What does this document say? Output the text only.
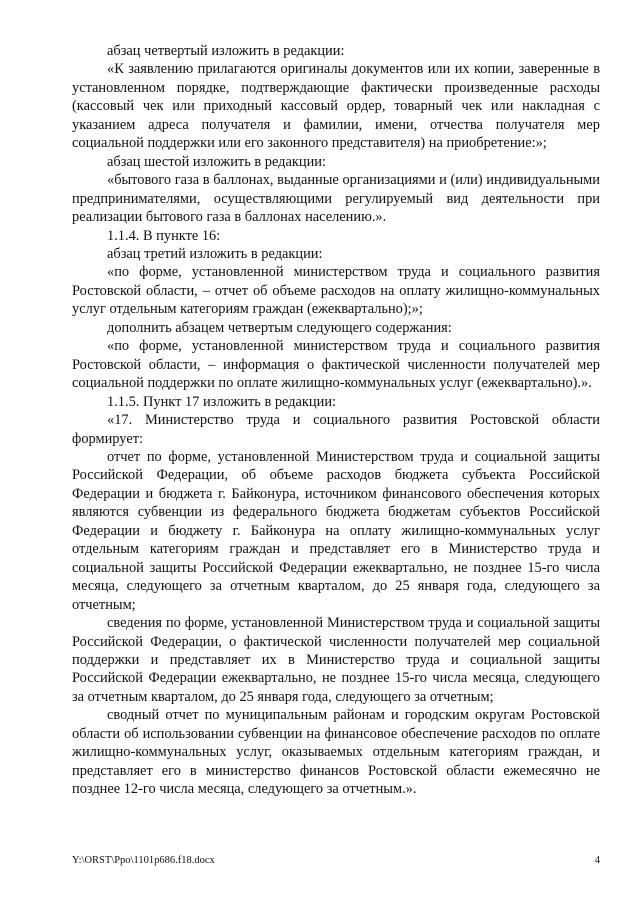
абзац четвертый изложить в редакции:

«К заявлению прилагаются оригиналы документов или их копии, заверенные в установленном порядке, подтверждающие фактически произведенные расходы (кассовый чек или приходный кассовый ордер, товарный чек или накладная с указанием адреса получателя и фамилии, имени, отчества получателя мер социальной поддержки или его законного представителя) на приобретение:»;

абзац шестой изложить в редакции:

«бытового газа в баллонах, выданные организациями и (или) индивидуальными предпринимателями, осуществляющими регулируемый вид деятельности при реализации бытового газа в баллонах населению.».

1.1.4. В пункте 16:

абзац третий изложить в редакции:

«по форме, установленной министерством труда и социального развития Ростовской области, – отчет об объеме расходов на оплату жилищно-коммунальных услуг отдельным категориям граждан (ежеквартально);»;

дополнить абзацем четвертым следующего содержания:

«по форме, установленной министерством труда и социального развития Ростовской области, – информация о фактической численности получателей мер социальной поддержки по оплате жилищно-коммунальных услуг (ежеквартально).».

1.1.5. Пункт 17 изложить в редакции:

«17. Министерство труда и социального развития Ростовской области формирует:

отчет по форме, установленной Министерством труда и социальной защиты Российской Федерации, об объеме расходов бюджета субъекта Российской Федерации и бюджета г. Байконура, источником финансового обеспечения которых являются субвенции из федерального бюджета бюджетам субъектов Российской Федерации и бюджету г. Байконура на оплату жилищно-коммунальных услуг отдельным категориям граждан и представляет его в Министерство труда и социальной защиты Российской Федерации ежеквартально, не позднее 15-го числа месяца, следующего за отчетным кварталом, до 25 января года, следующего за отчетным;

сведения по форме, установленной Министерством труда и социальной защиты Российской Федерации, о фактической численности получателей мер социальной поддержки и представляет их в Министерство труда и социальной защиты Российской Федерации ежеквартально, не позднее 15-го числа месяца, следующего за отчетным кварталом, до 25 января года, следующего за отчетным;

сводный отчет по муниципальным районам и городским округам Ростовской области об использовании субвенции на финансовое обеспечение расходов по оплате жилищно-коммунальных услуг, оказываемых отдельным категориям граждан, и представляет его в министерство финансов Ростовской области ежемесячно не позднее 12-го числа месяца, следующего за отчетным.».

Y:\ORST\Ppo\1101p686.f18.docx	4
